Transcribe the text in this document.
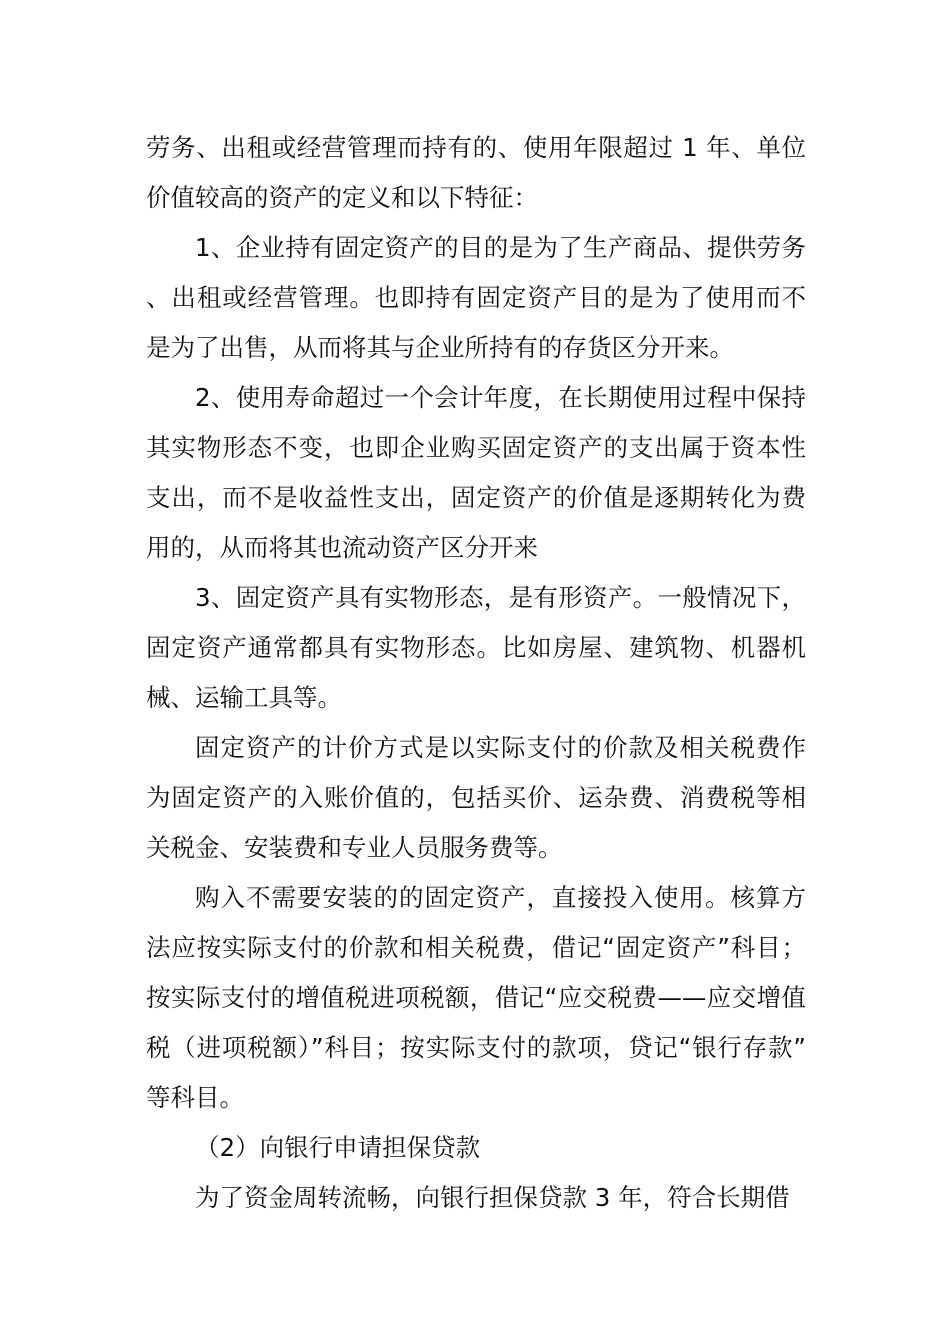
劳务、出租或经营管理而持有的、使用年限超过 1 年、单位价值较高的资产的定义和以下特征：

1、企业持有固定资产的目的是为了生产商品、提供劳务、出租或经营管理。也即持有固定资产目的是为了使用而不是为了出售，从而将其与企业所持有的存货区分开来。

2、使用寿命超过一个会计年度，在长期使用过程中保持其实物形态不变，也即企业购买固定资产的支出属于资本性支出，而不是收益性支出，固定资产的价值是逐期转化为费用的，从而将其也流动资产区分开来

3、固定资产具有实物形态，是有形资产。一般情况下，固定资产通常都具有实物形态。比如房屋、建筑物、机器机械、运输工具等。

固定资产的计价方式是以实际支付的价款及相关税费作为固定资产的入账价值的，包括买价、运杂费、消费税等相关税金、安装费和专业人员服务费等。

购入不需要安装的的固定资产，直接投入使用。核算方法应按实际支付的价款和相关税费，借记“固定资产”科目；按实际支付的增值税进项税额，借记“应交税费——应交增值税（进项税额）”科目；按实际支付的款项，贷记“银行存款”等科目。

（2）向银行申请担保贷款

为了资金周转流畅，向银行担保贷款 3 年，符合长期借
